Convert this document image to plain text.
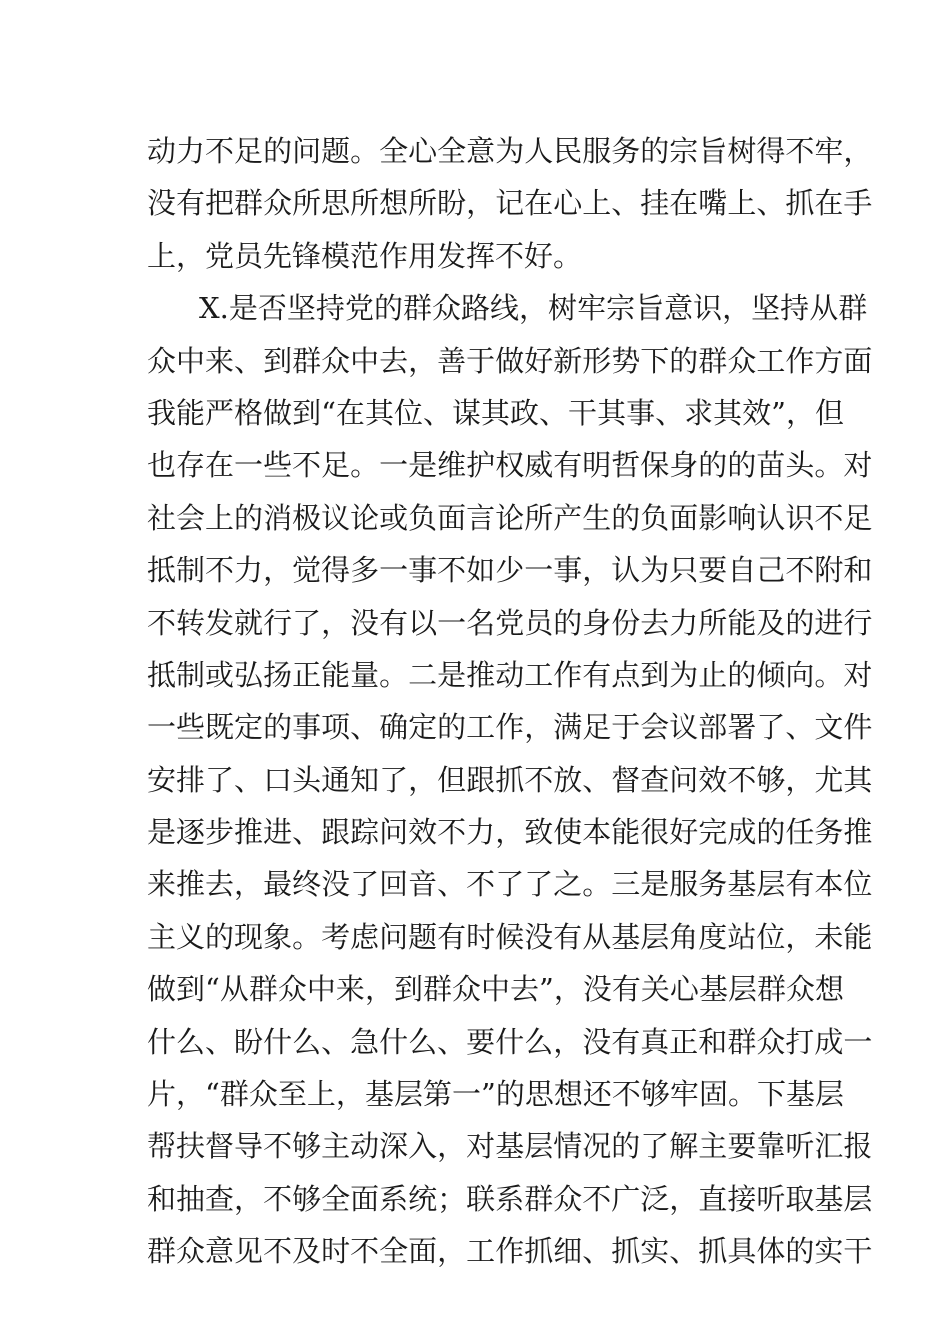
动 力 不 足 的 问 题 。 全 心 全 意 为 人 民 服 务 的 宗 旨 树 得 不 牢 ，
没 有 把 群 众 所 思 所 想 所 盼 ， 记 在 心 上 、 挂 在 嘴 上 、 抓 在 手
上，党员先锋模范作用发挥不好。
X . 是 否 坚 持 党 的 群 众 路 线 ， 树 牢 宗 旨 意 识 ， 坚 持 从 群
众 中 来 、 到 群 众 中 去 ， 善 于 做 好 新 形 势 下 的 群 众 工 作 方 面
我 能 严 格 做 到 “ 在 其 位 、 谋 其 政 、 干 其 事 、 求 其 效 ” ， 但
也 存 在 一 些 不 足 。 一 是 维 护 权 威 有 明 哲 保 身 的 的 苗 头 。 对
社 会 上 的 消 极 议 论 或 负 面 言 论 所 产 生 的 负 面 影 响 认 识 不 足
抵 制 不 力 ， 觉 得 多 一 事 不 如 少 一 事 ， 认 为 只 要 自 己 不 附 和
不 转 发 就 行 了 ， 没 有 以 一 名 党 员 的 身 份 去 力 所 能 及 的 进 行
抵 制 或 弘 扬 正 能 量 。 二 是 推 动 工 作 有 点 到 为 止 的 倾 向 。 对
一 些 既 定 的 事 项 、 确 定 的 工 作 ， 满 足 于 会 议 部 署 了 、 文 件
安 排 了 、 口 头 通 知 了 ， 但 跟 抓 不 放 、 督 查 问 效 不 够 ， 尤 其
是 逐 步 推 进 、 跟 踪 问 效 不 力 ， 致 使 本 能 很 好 完 成 的 任 务 推
来 推 去 ， 最 终 没 了 回 音 、 不 了 了 之 。 三 是 服 务 基 层 有 本 位
主 义 的 现 象 。 考 虑 问 题 有 时 候 没 有 从 基 层 角 度 站 位 ， 未 能
做 到 “ 从 群 众 中 来 ， 到 群 众 中 去 ” ， 没 有 关 心 基 层 群 众 想
什 么 、 盼 什 么 、 急 什 么 、 要 什 么 ， 没 有 真 正 和 群 众 打 成 一
片 ， “ 群 众 至 上 ， 基 层 第 一 ” 的 思 想 还 不 够 牢 固 。 下 基 层
帮 扶 督 导 不 够 主 动 深 入 ， 对 基 层 情 况 的 了 解 主 要 靠 听 汇 报
和 抽 查 ， 不 够 全 面 系 统 ； 联 系 群 众 不 广 泛 ， 直 接 听 取 基 层
群 众 意 见 不 及 时 不 全 面 ， 工 作 抓 细 、 抓 实 、 抓 具 体 的 实 干
